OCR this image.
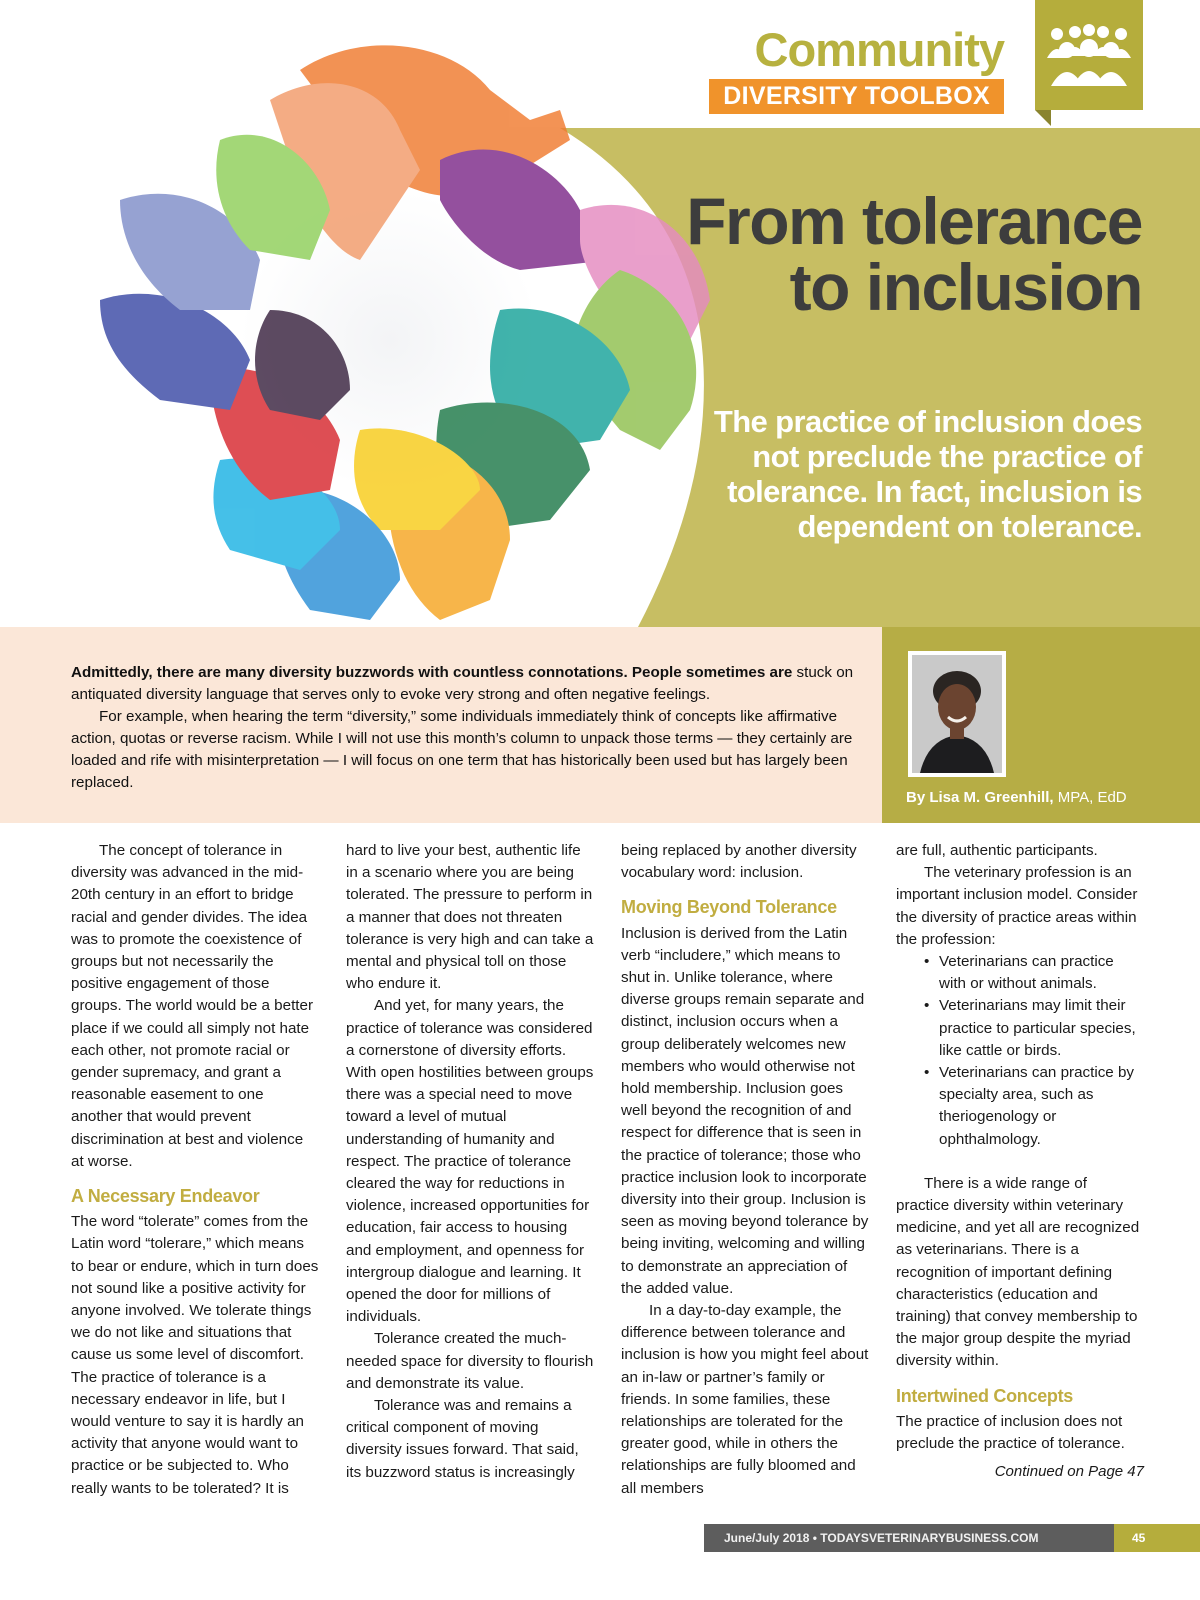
Community
DIVERSITY TOOLBOX
From tolerance to inclusion
The practice of inclusion does not preclude the practice of tolerance. In fact, inclusion is dependent on tolerance.

Admittedly, there are many diversity buzzwords with countless connotations. People sometimes are stuck on antiquated diversity language that serves only to evoke very strong and often negative feelings.

For example, when hearing the term “diversity,” some individuals immediately think of concepts like affirmative action, quotas or reverse racism. While I will not use this month’s column to unpack those terms — they certainly are loaded and rife with misinterpretation — I will focus on one term that has historically been used but has largely been replaced.

By Lisa M. Greenhill, MPA, EdD

The concept of tolerance in diversity was advanced in the mid-20th century in an effort to bridge racial and gender divides. The idea was to promote the coexistence of groups but not necessarily the positive engagement of those groups. The world would be a better place if we could all simply not hate each other, not promote racial or gender supremacy, and grant a reasonable easement to one another that would prevent discrimination at best and violence at worse.

A Necessary Endeavor

The word “tolerate” comes from the Latin word “tolerare,” which means to bear or endure, which in turn does not sound like a positive activity for anyone involved. We tolerate things we do not like and situations that cause us some level of discomfort. The practice of tolerance is a necessary endeavor in life, but I would venture to say it is hardly an activity that anyone would want to practice or be subjected to. Who really wants to be tolerated? It is

hard to live your best, authentic life in a scenario where you are being tolerated. The pressure to perform in a manner that does not threaten tolerance is very high and can take a mental and physical toll on those who endure it.

And yet, for many years, the practice of tolerance was considered a cornerstone of diversity efforts. With open hostilities between groups there was a special need to move toward a level of mutual understanding of humanity and respect. The practice of tolerance cleared the way for reductions in violence, increased opportunities for education, fair access to housing and employment, and openness for intergroup dialogue and learning. It opened the door for millions of individuals.

Tolerance created the much-needed space for diversity to flourish and demonstrate its value.

Tolerance was and remains a critical component of moving diversity issues forward. That said, its buzzword status is increasingly

being replaced by another diversity vocabulary word: inclusion.

Moving Beyond Tolerance

Inclusion is derived from the Latin verb “includere,” which means to shut in. Unlike tolerance, where diverse groups remain separate and distinct, inclusion occurs when a group deliberately welcomes new members who would otherwise not hold membership. Inclusion goes well beyond the recognition of and respect for difference that is seen in the practice of tolerance; those who practice inclusion look to incorporate diversity into their group. Inclusion is seen as moving beyond tolerance by being inviting, welcoming and willing to demonstrate an appreciation of the added value.

In a day-to-day example, the difference between tolerance and inclusion is how you might feel about an in-law or partner’s family or friends. In some families, these relationships are tolerated for the greater good, while in others the relationships are fully bloomed and all members

are full, authentic participants.

The veterinary profession is an important inclusion model. Consider the diversity of practice areas within the profession:

• Veterinarians can practice with or without animals.
• Veterinarians may limit their practice to particular species, like cattle or birds.
• Veterinarians can practice by specialty area, such as theriogenology or ophthalmology.

There is a wide range of practice diversity within veterinary medicine, and yet all are recognized as veterinarians. There is a recognition of important defining characteristics (education and training) that convey membership to the major group despite the myriad diversity within.

Intertwined Concepts

The practice of inclusion does not preclude the practice of tolerance.

Continued on Page 47
June/July 2018 • TODAYSVETERINARYBUSINESS.COM	45
